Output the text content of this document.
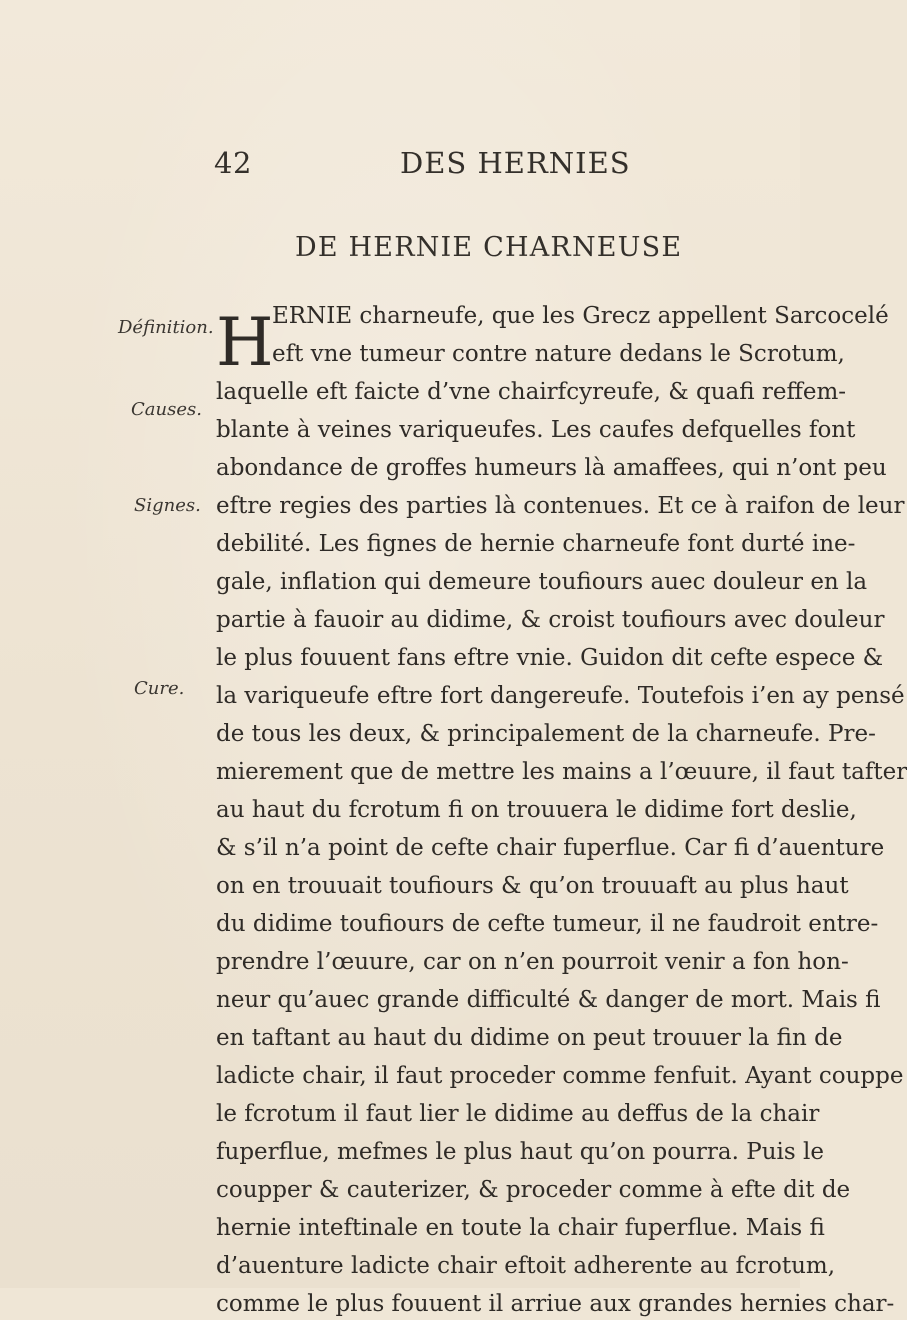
42	DES HERNIES
DE HERNIE CHARNEUSE
Définition.
Causes.
Signes.
Cure.
H
ERNIE charneufe, que les Grecz appellent Sarcocelé
eft vne tumeur contre nature dedans le Scrotum,
laquelle eft faicte d’vne chairfcyreufe, & quafi reffem-
blante à veines variqueufes. Les caufes defquelles font
abondance de groffes humeurs là amaffees, qui n’ont peu
eftre regies des parties là contenues. Et ce à raifon de leur
debilité. Les fignes de hernie charneufe font durté ine-
gale, inflation qui demeure toufiours auec douleur en la
partie à fauoir au didime, & croist toufiours avec douleur
le plus fouuent fans eftre vnie. Guidon dit cefte espece &
la variqueufe eftre fort dangereufe. Toutefois i’en ay pensé
de tous les deux, & principalement de la charneufe. Pre-
mierement que de mettre les mains a l’œuure, il faut tafter
au haut du fcrotum fi on trouuera le didime fort deslie,
& s’il n’a point de cefte chair fuperflue. Car fi d’auenture
on en trouuait toufiours & qu’on trouuaft au plus haut
du didime toufiours de cefte tumeur, il ne faudroit entre-
prendre l’œuure, car on n’en pourroit venir a fon hon-
neur qu’auec grande difficulté & danger de mort. Mais fi
en taftant au haut du didime on peut trouuer la fin de
ladicte chair, il faut proceder comme fenfuit. Ayant couppe
le fcrotum il faut lier le didime au deffus de la chair
fuperflue, mefmes le plus haut qu’on pourra. Puis le
coupper & cauterizer, & proceder comme à efte dit de
hernie inteftinale en toute la chair fuperflue. Mais fi
d’auenture ladicte chair eftoit adherente au fcrotum,
comme le plus fouuent il arriue aux grandes hernies char-
